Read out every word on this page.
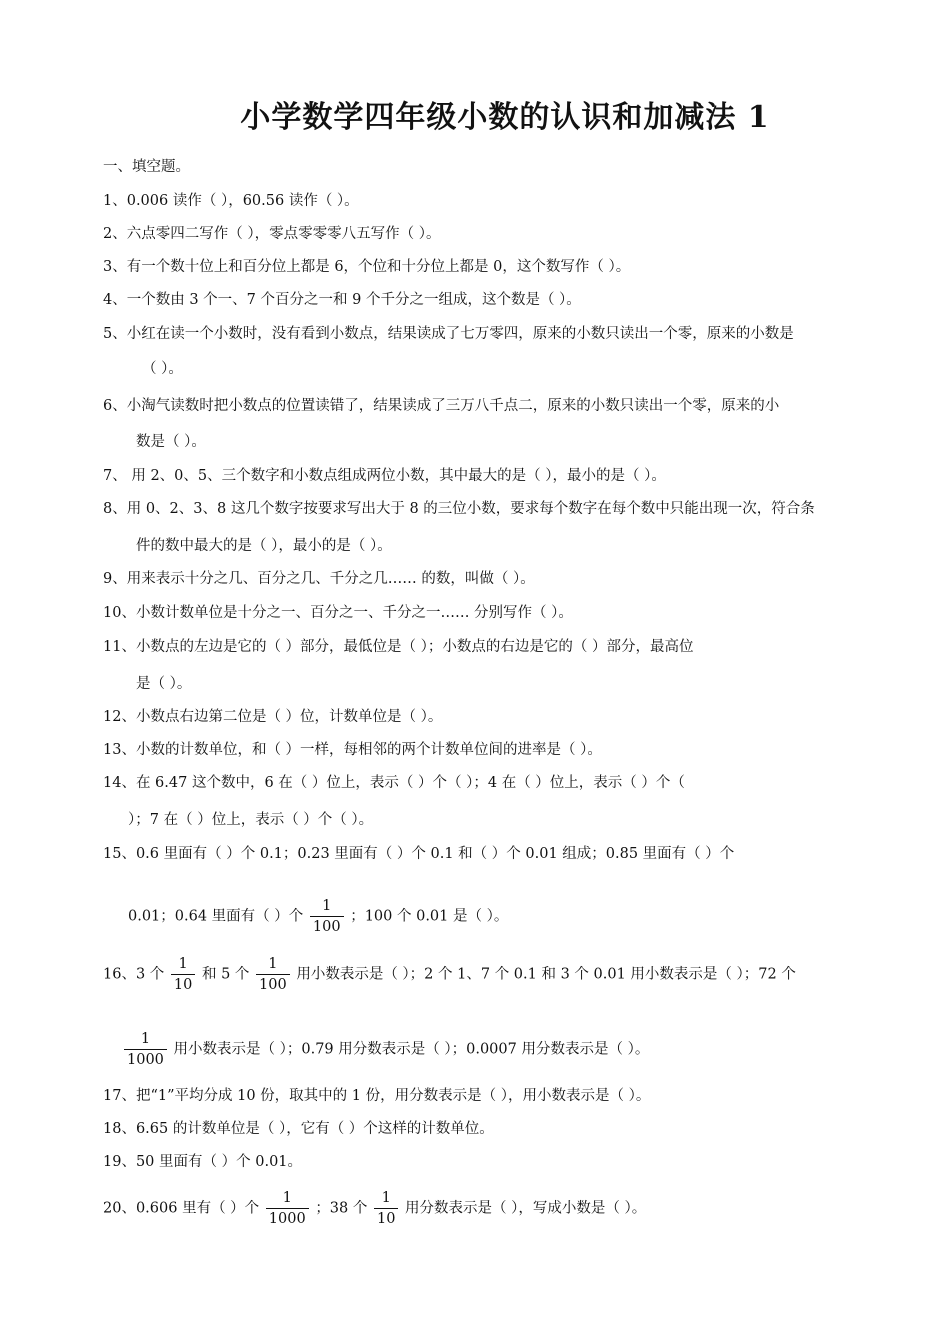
小学数学四年级小数的认识和加减法 1
一、填空题。
1、0.006 读作（ ），60.56 读作（ ）。
2、六点零四二写作（ ），零点零零零八五写作（ ）。
3、有一个数十位上和百分位上都是 6，个位和十分位上都是 0，这个数写作（ ）。
4、一个数由 3 个一、7 个百分之一和 9 个千分之一组成，这个数是（ ）。
5、小红在读一个小数时，没有看到小数点，结果读成了七万零四，原来的小数只读出一个零，原来的小数是
（ ）。
6、小淘气读数时把小数点的位置读错了，结果读成了三万八千点二，原来的小数只读出一个零，原来的小
数是（ ）。
7、 用 2、0、5、三个数字和小数点组成两位小数，其中最大的是（ ），最小的是（ ）。
8、用 0、2、3、8 这几个数字按要求写出大于 8 的三位小数，要求每个数字在每个数中只能出现一次，符合条
件的数中最大的是（ ），最小的是（ ）。
9、用来表示十分之几、百分之几、千分之几…… 的数，叫做（ ）。
10、小数计数单位是十分之一、百分之一、千分之一…… 分别写作（ ）。
11、小数点的左边是它的（ ）部分，最低位是（ ）；小数点的右边是它的（ ）部分，最高位
是（ ）。
12、小数点右边第二位是（ ）位，计数单位是（ ）。
13、小数的计数单位，和（ ）一样，每相邻的两个计数单位间的进率是（ ）。
14、在 6.47 这个数中，6 在（ ）位上，表示（ ）个（ ）；4 在（ ）位上，表示（ ）个（
）；7 在（ ）位上，表示（ ）个（ ）。
15、0.6 里面有（ ）个 0.1；0.23 里面有（ ）个 0.1 和（ ）个 0.01 组成；0.85 里面有（ ）个
0.01；0.64 里面有（ ）个 $\frac{1}{100}$ ；100 个 0.01 是（ ）。
16、3 个 $\frac{1}{10}$ 和 5 个 $\frac{1}{100}$ 用小数表示是（ ）；2 个 1、7 个 0.1 和 3 个 0.01 用小数表示是（ ）；72 个
$\frac{1}{1000}$ 用小数表示是（ ）；0.79 用分数表示是（ ）；0.0007 用分数表示是（ ）。
17、把“1”平均分成 10 份，取其中的 1 份，用分数表示是（ ），用小数表示是（ ）。
18、6.65 的计数单位是（ ），它有（ ）个这样的计数单位。
19、50 里面有（ ）个 0.01。
20、0.606 里有（ ）个 $\frac{1}{1000}$ ；38 个 $\frac{1}{10}$ 用分数表示是（ ），写成小数是（ ）。
